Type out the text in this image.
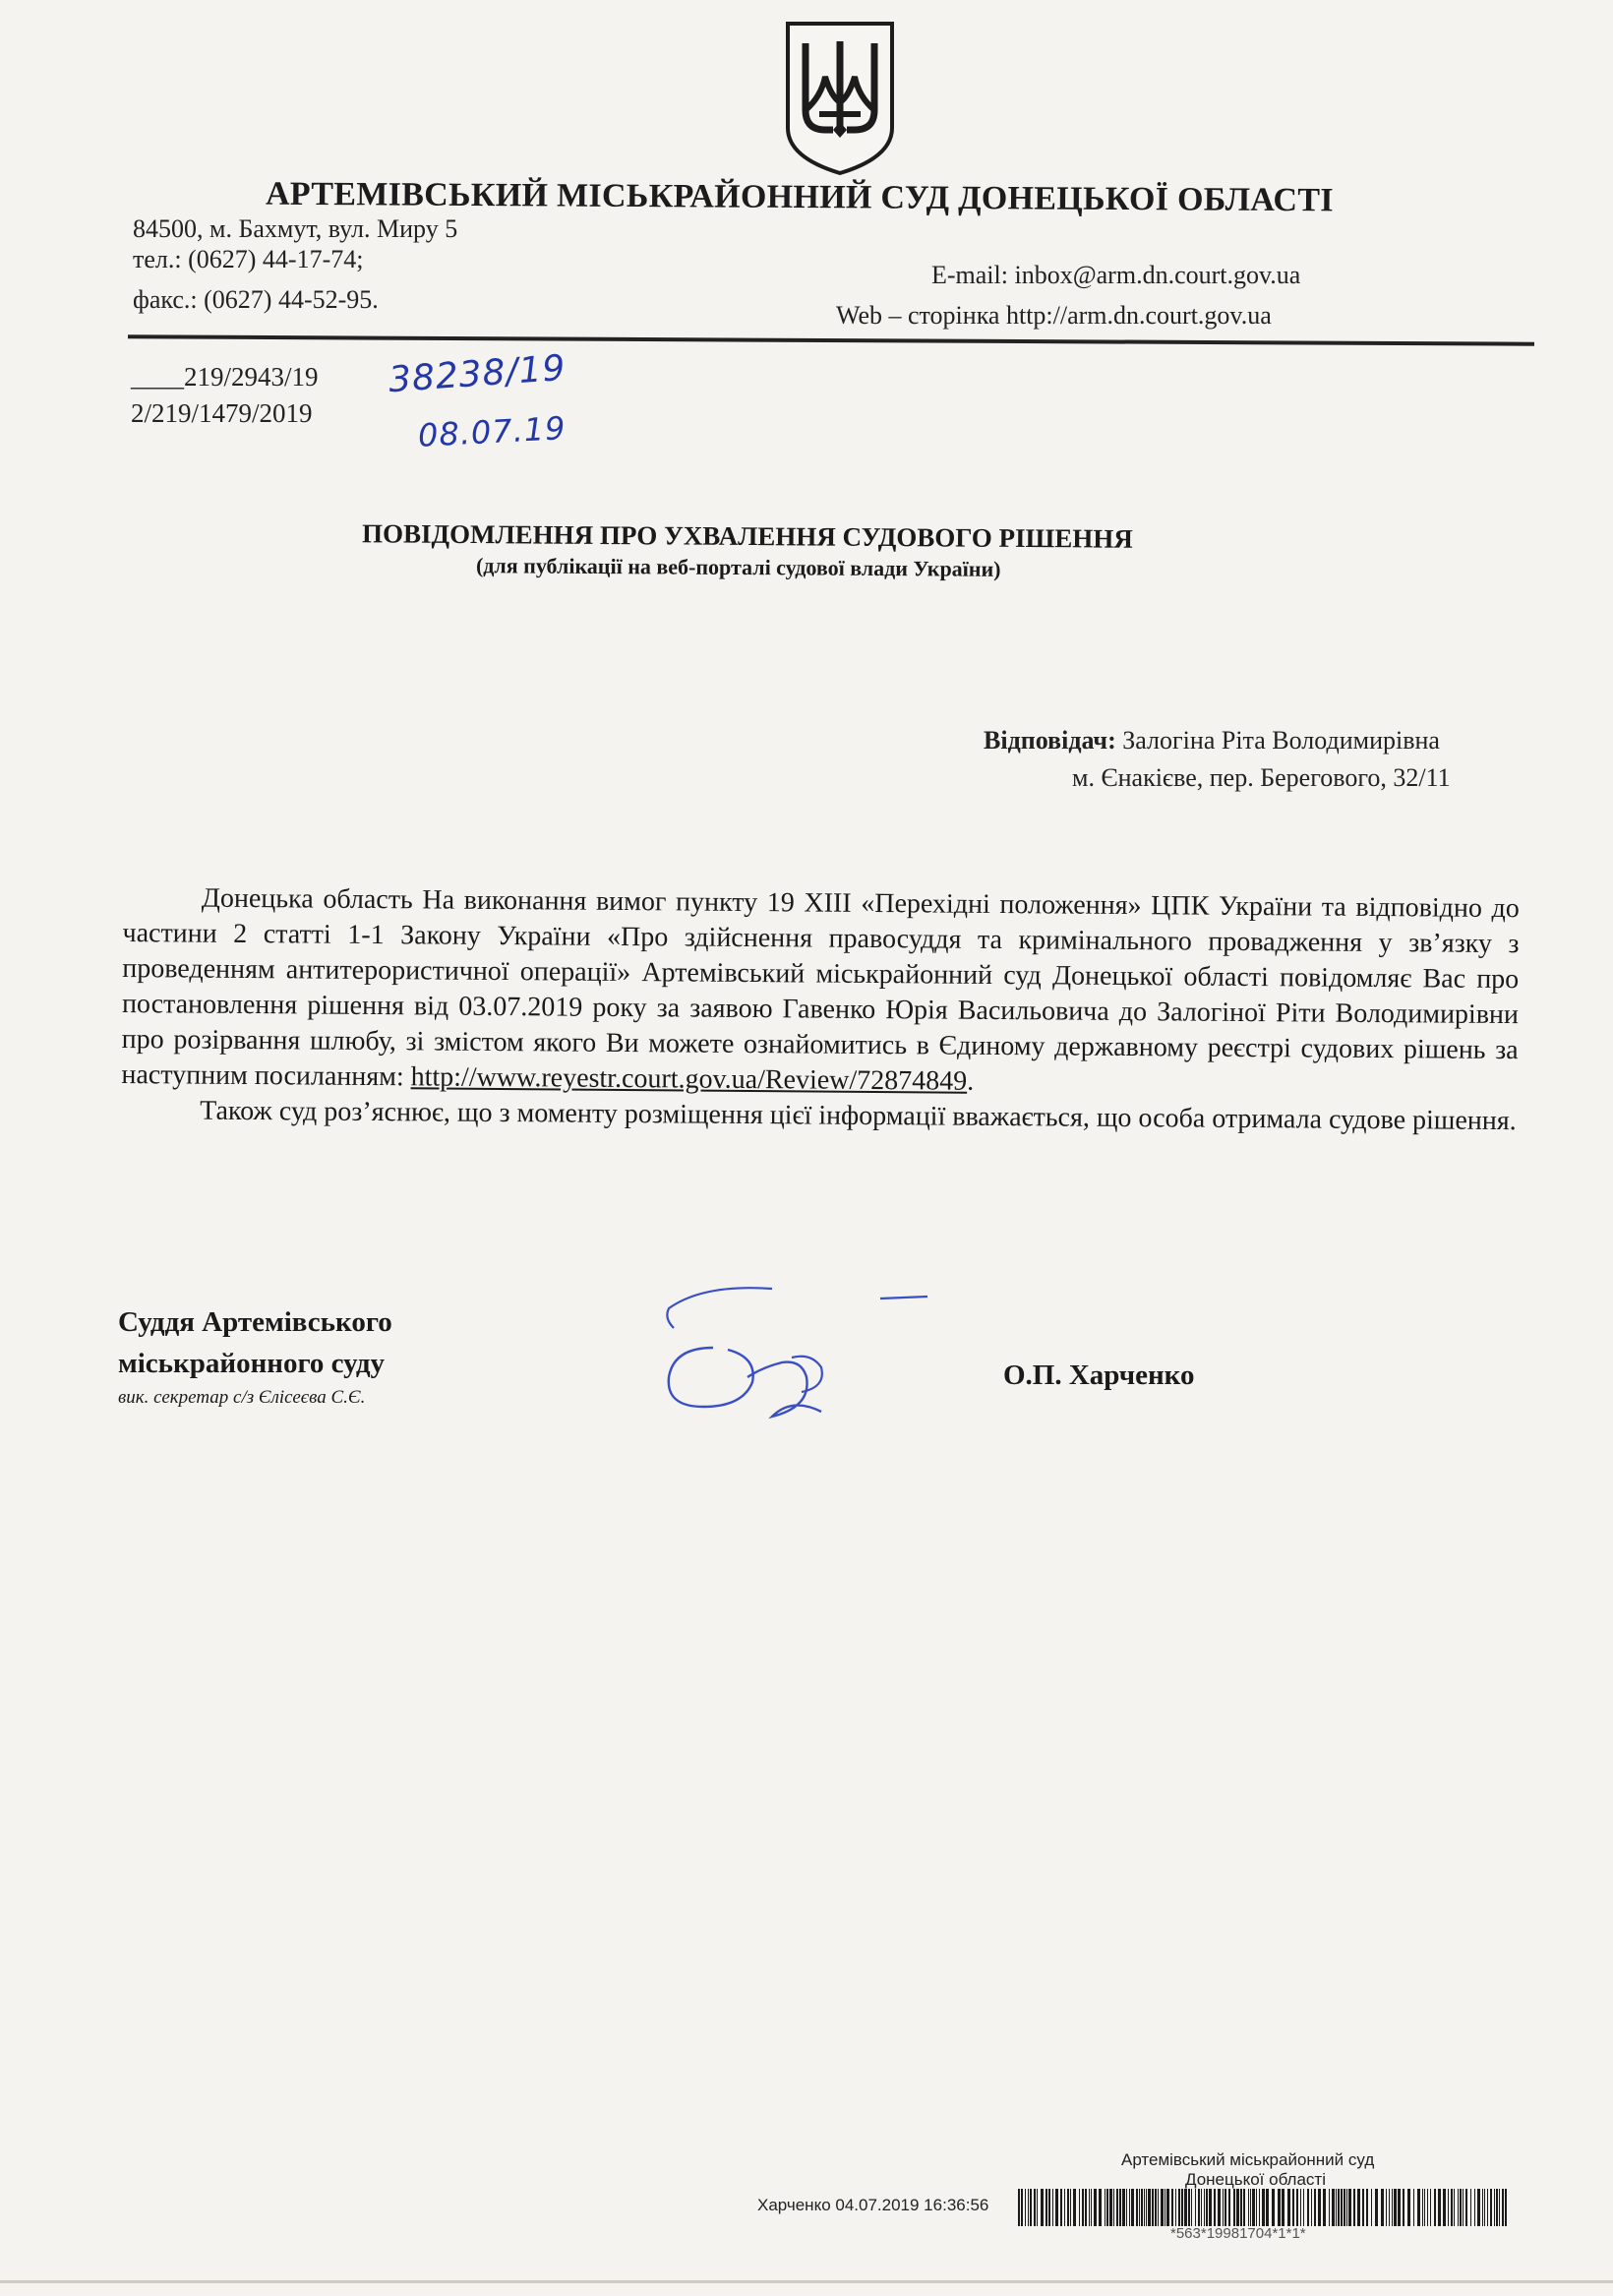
АРТЕМІВСЬКИЙ МІСЬКРАЙОННИЙ СУД ДОНЕЦЬКОЇ ОБЛАСТІ
84500, м. Бахмут, вул. Миру 5
тел.: (0627) 44-17-74;
факс.: (0627) 44-52-95.
E-mail: inbox@arm.dn.court.gov.ua
Web – сторінка http://arm.dn.court.gov.ua
____219/2943/19
2/219/1479/2019
38238/19
08.07.19
ПОВІДОМЛЕННЯ ПРО УХВАЛЕННЯ СУДОВОГО РІШЕННЯ
(для публікації на веб-порталі судової влади України)
Відповідач: Залогіна Ріта Володимирівна
м. Єнакієве, пер. Берегового, 32/11

Донецька область На виконання вимог пункту 19 ХІІІ «Перехідні положення» ЦПК України та відповідно до частини 2 статті 1-1 Закону України «Про здійснення правосуддя та кримінального провадження у зв’язку з проведенням антитерористичної операції» Артемівський міськрайонний суд Донецької області повідомляє Вас про постановлення рішення від 03.07.2019 року за заявою Гавенко Юрія Васильовича до Залогіної Ріти Володимирівни про розірвання шлюбу, зі змістом якого Ви можете ознайомитись в Єдиному державному реєстрі судових рішень за наступним посиланням: http://www.reyestr.court.gov.ua/Review/72874849.

Також суд роз’яснює, що з моменту розміщення цієї інформації вважається, що особа отримала судове рішення.

Суддя Артемівського
міськрайонного суду
вик. секретар с/з Єлісеєва С.Є.
О.П. Харченко
Артемівський міськрайонний суд
Донецької області
Харченко 04.07.2019 16:36:56
*563*19981704*1*1*
